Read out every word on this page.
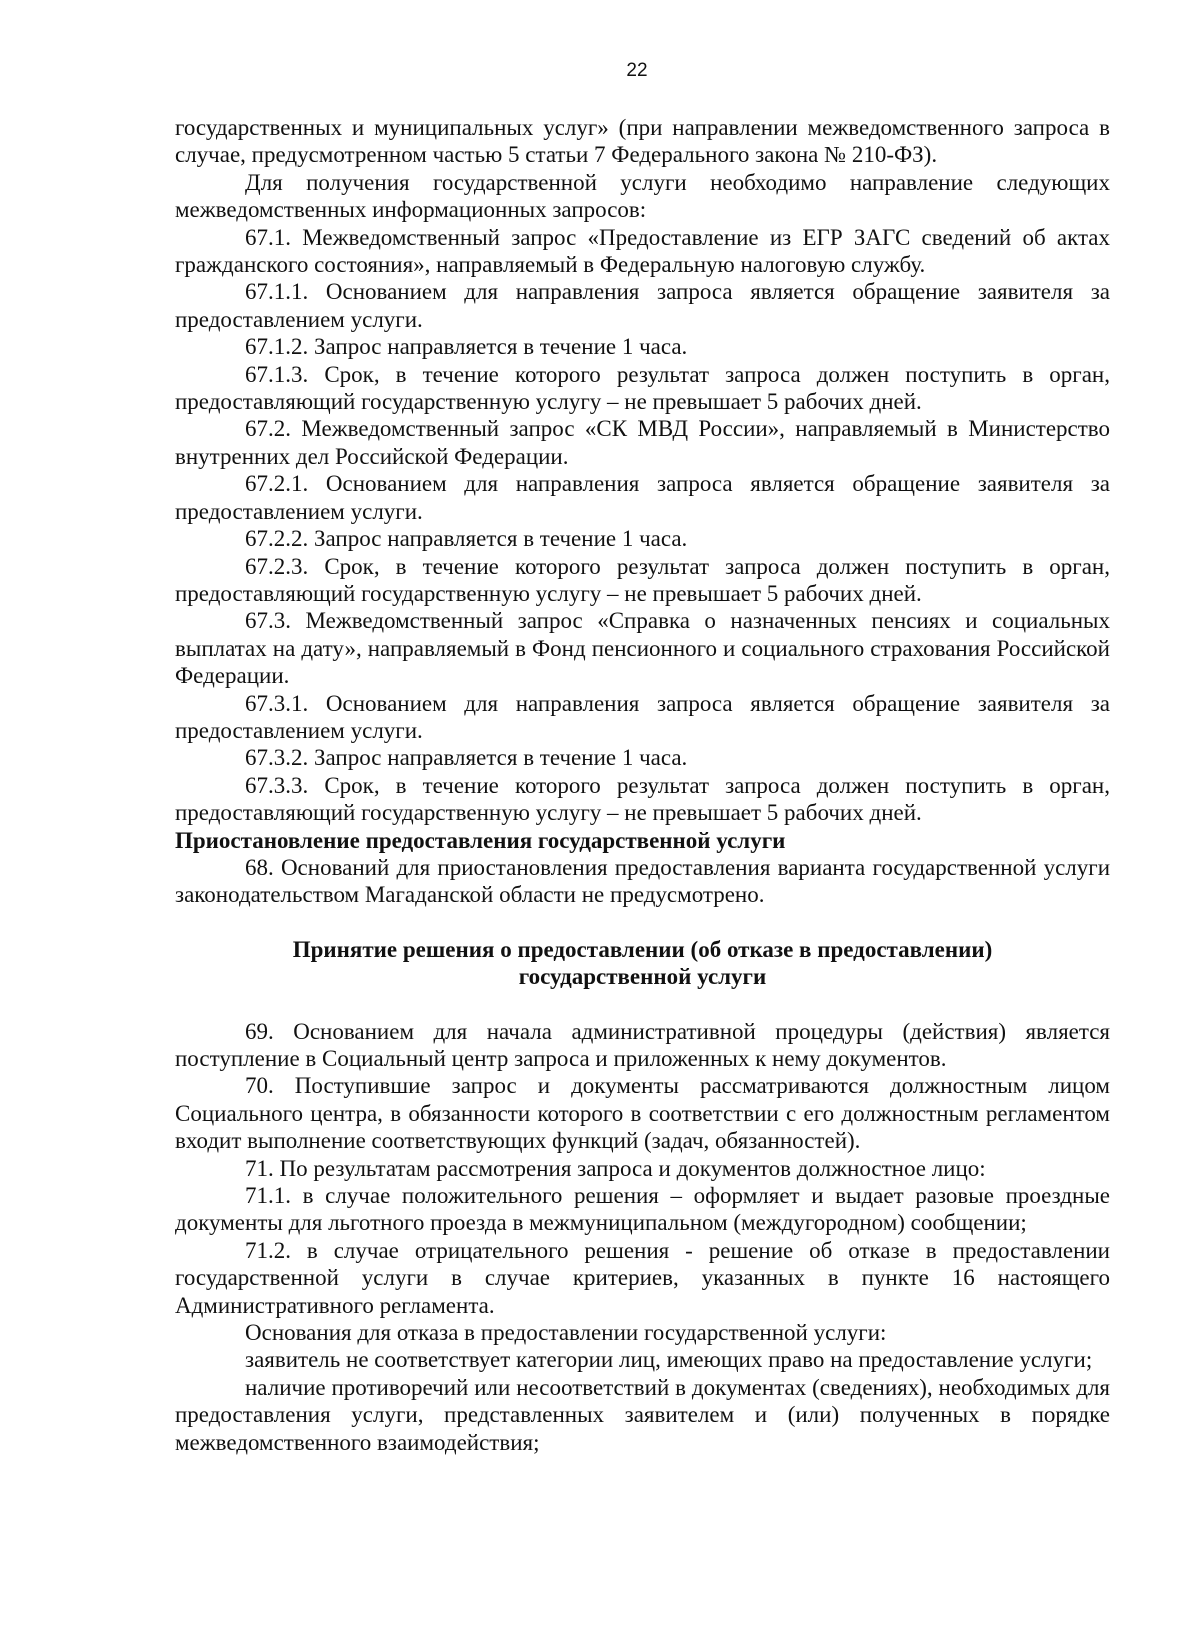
22

государственных и муниципальных услуг» (при направлении межведомственного запроса в случае, предусмотренном частью 5 статьи 7 Федерального закона № 210-ФЗ).

Для получения государственной услуги необходимо направление следующих межведомственных информационных запросов:

67.1. Межведомственный запрос «Предоставление из ЕГР ЗАГС сведений об актах гражданского состояния», направляемый в Федеральную налоговую службу.

67.1.1. Основанием для направления запроса является обращение заявителя за предоставлением услуги.

67.1.2. Запрос направляется в течение 1 часа.

67.1.3. Срок, в течение которого результат запроса должен поступить в орган, предоставляющий государственную услугу – не превышает 5 рабочих дней.

67.2. Межведомственный запрос «СК МВД России», направляемый в Министерство внутренних дел Российской Федерации.

67.2.1. Основанием для направления запроса является обращение заявителя за предоставлением услуги.

67.2.2. Запрос направляется в течение 1 часа.

67.2.3. Срок, в течение которого результат запроса должен поступить в орган, предоставляющий государственную услугу – не превышает 5 рабочих дней.

67.3. Межведомственный запрос «Справка о назначенных пенсиях и социальных выплатах на дату», направляемый в Фонд пенсионного и социального страхования Российской Федерации.

67.3.1. Основанием для направления запроса является обращение заявителя за предоставлением услуги.

67.3.2. Запрос направляется в течение 1 часа.

67.3.3. Срок, в течение которого результат запроса должен поступить в орган, предоставляющий государственную услугу – не превышает 5 рабочих дней.

Приостановление предоставления государственной услуги

68. Оснований для приостановления предоставления варианта государственной услуги законодательством Магаданской области не предусмотрено.

Принятие решения о предоставлении (об отказе в предоставлении)
государственной услуги

69. Основанием для начала административной процедуры (действия) является поступление в Социальный центр запроса и приложенных к нему документов.

70. Поступившие запрос и документы рассматриваются должностным лицом Социального центра, в обязанности которого в соответствии с его должностным регламентом входит выполнение соответствующих функций (задач, обязанностей).

71. По результатам рассмотрения запроса и документов должностное лицо:

71.1. в случае положительного решения – оформляет и выдает разовые проездные документы для льготного проезда в межмуниципальном (междугородном) сообщении;

71.2. в случае отрицательного решения - решение об отказе в предоставлении государственной услуги в случае критериев, указанных в пункте 16 настоящего Административного регламента.

Основания для отказа в предоставлении государственной услуги:

заявитель не соответствует категории лиц, имеющих право на предоставление услуги;

наличие противоречий или несоответствий в документах (сведениях), необходимых для предоставления услуги, представленных заявителем и (или) полученных в порядке межведомственного взаимодействия;
